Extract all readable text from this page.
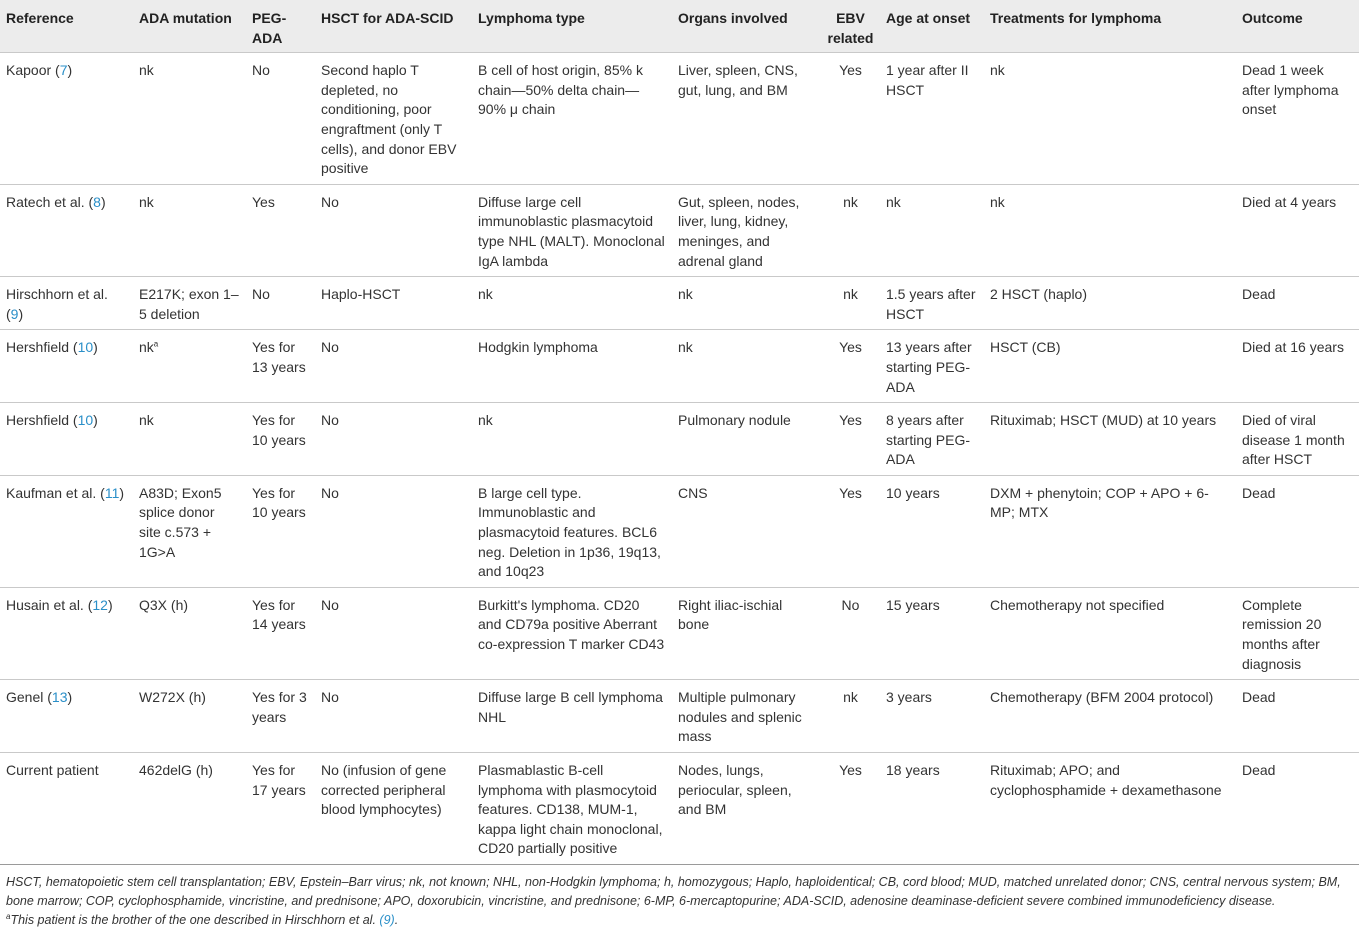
Reference	ADA mutation	PEG-ADA	HSCT for ADA-SCID	Lymphoma type	Organs involved	EBV related	Age at onset	Treatments for lymphoma	Outcome
Kapoor (7)	nk	No	Second haplo T depleted, no conditioning, poor engraftment (only T cells), and donor EBV positive	B cell of host origin, 85% k chain—50% delta chain—90% μ chain	Liver, spleen, CNS, gut, lung, and BM	Yes	1 year after II HSCT	nk	Dead 1 week after lymphoma onset
Ratech et al. (8)	nk	Yes	No	Diffuse large cell immunoblastic plasmacytoid type NHL (MALT). Monoclonal IgA lambda	Gut, spleen, nodes, liver, lung, kidney, meninges, and adrenal gland	nk	nk	nk	Died at 4 years
Hirschhorn et al. (9)	E217K; exon 1–5 deletion	No	Haplo-HSCT	nk	nk	nk	1.5 years after HSCT	2 HSCT (haplo)	Dead
Hershfield (10)	$nk^a$	Yes for 13 years	No	Hodgkin lymphoma	nk	Yes	13 years after starting PEG-ADA	HSCT (CB)	Died at 16 years
Hershfield (10)	nk	Yes for 10 years	No	nk	Pulmonary nodule	Yes	8 years after starting PEG-ADA	Rituximab; HSCT (MUD) at 10 years	Died of viral disease 1 month after HSCT
Kaufman et al. (11)	A83D; Exon5 splice donor site c.573 + 1G>A	Yes for 10 years	No	B large cell type. Immunoblastic and plasmacytoid features. BCL6 neg. Deletion in 1p36, 19q13, and 10q23	CNS	Yes	10 years	DXM + phenytoin; COP + APO + 6-MP; MTX	Dead
Husain et al. (12)	Q3X (h)	Yes for 14 years	No	Burkitt's lymphoma. CD20 and CD79a positive Aberrant co-expression T marker CD43	Right iliac-ischial bone	No	15 years	Chemotherapy not specified	Complete remission 20 months after diagnosis
Genel (13)	W272X (h)	Yes for 3 years	No	Diffuse large B cell lymphoma NHL	Multiple pulmonary nodules and splenic mass	nk	3 years	Chemotherapy (BFM 2004 protocol)	Dead
Current patient	462delG (h)	Yes for 17 years	No (infusion of gene corrected peripheral blood lymphocytes)	Plasmablastic B-cell lymphoma with plasmocytoid features. CD138, MUM-1, kappa light chain monoclonal, CD20 partially positive	Nodes, lungs, periocular, spleen, and BM	Yes	18 years	Rituximab; APO; and cyclophosphamide + dexamethasone	Dead

HSCT, hematopoietic stem cell transplantation; EBV, Epstein–Barr virus; nk, not known; NHL, non-Hodgkin lymphoma; h, homozygous; Haplo, haploidentical; CB, cord blood; MUD, matched unrelated donor; CNS, central nervous system; BM, bone marrow; COP, cyclophosphamide, vincristine, and prednisone; APO, doxorubicin, vincristine, and prednisone; 6-MP, 6-mercaptopurine; ADA-SCID, adenosine deaminase-deficient severe combined immunodeficiency disease.

$^a$This patient is the brother of the one described in Hirschhorn et al. (9).
